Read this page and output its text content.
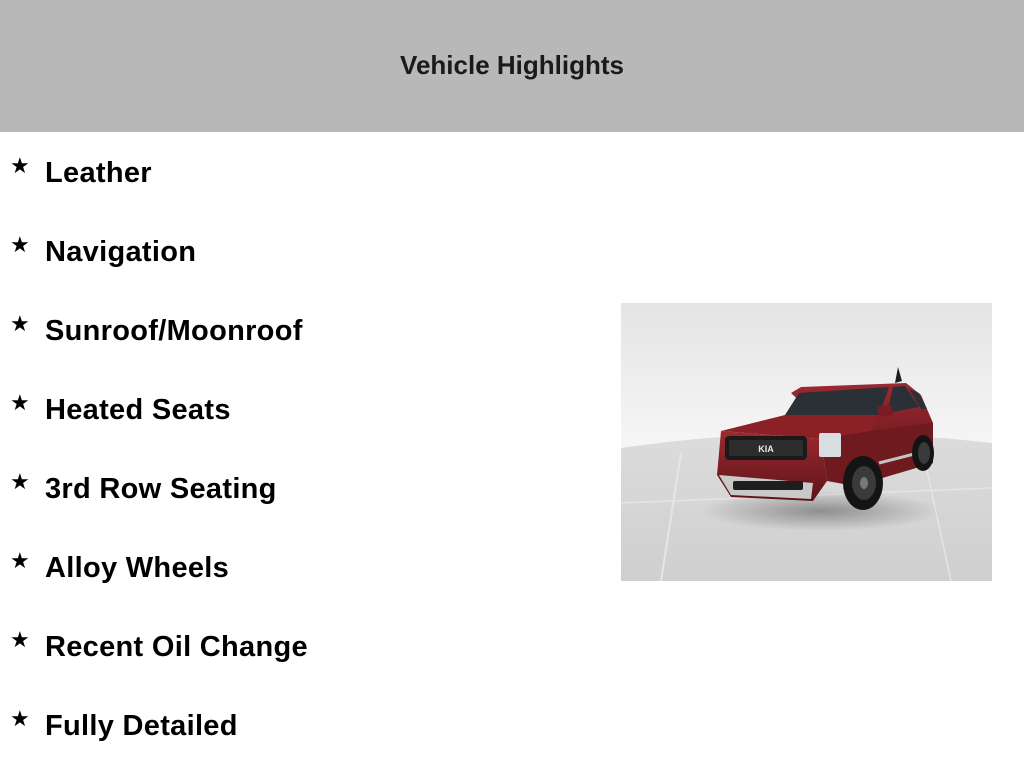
Vehicle Highlights
★ Leather
★ Navigation
★ Sunroof/Moonroof
★ Heated Seats
★ 3rd Row Seating
★ Alloy Wheels
★ Recent Oil Change
★ Fully Detailed
KIA
